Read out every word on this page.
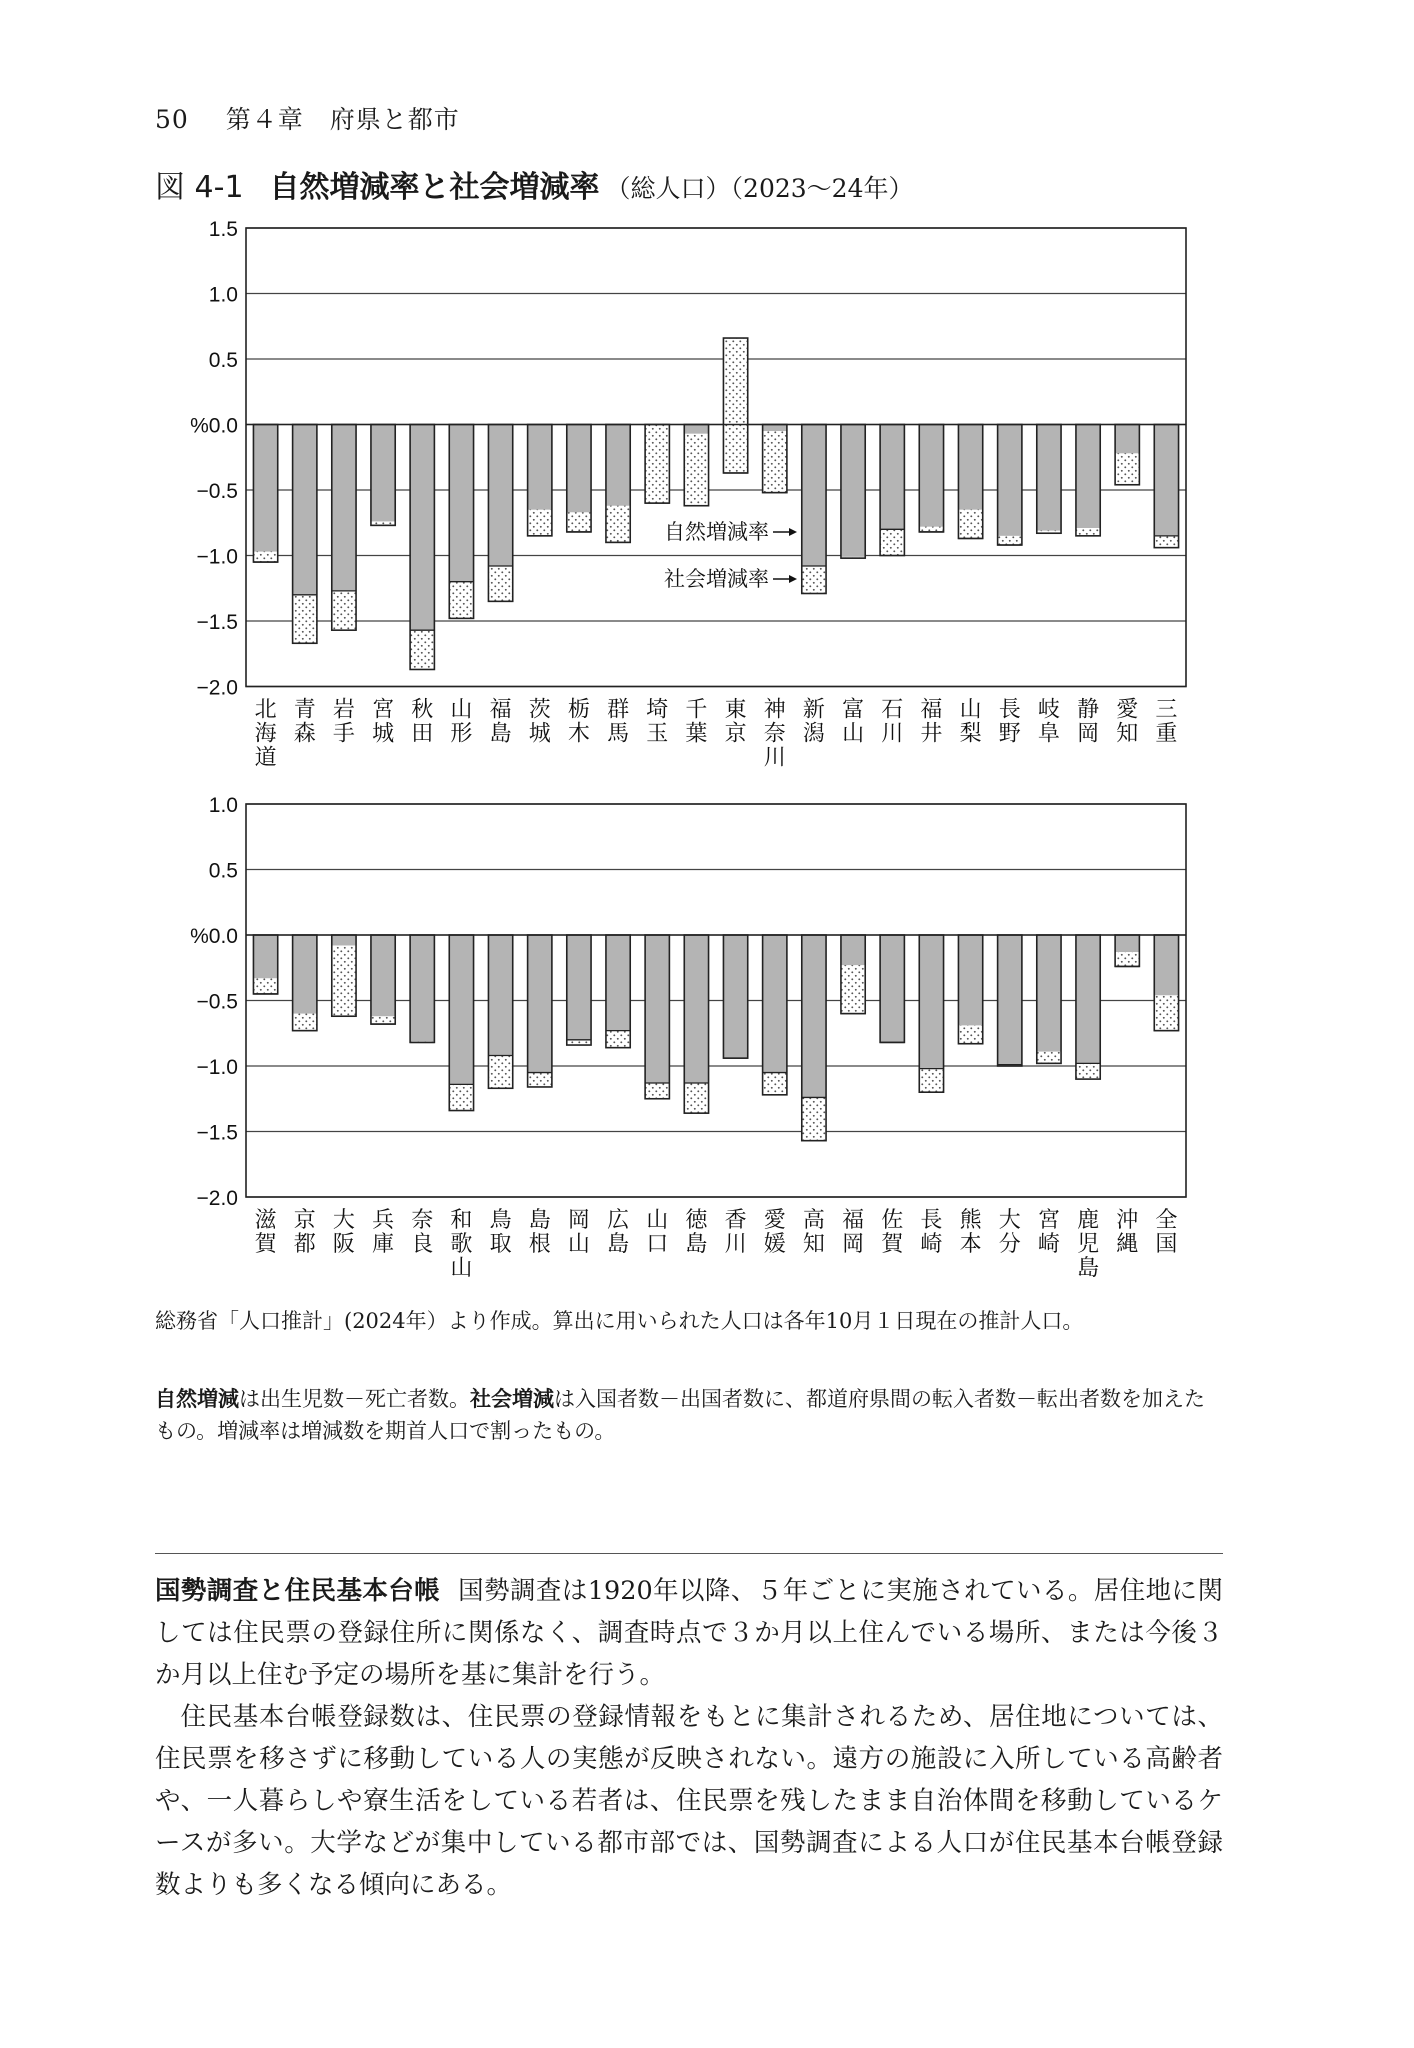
50 第４章　府県と都市
図 4-1 自然増減率と社会増減率 （総人口）（2023〜24年）
1.5
1.0
0.5
%0.0
−0.5
−1.0
−1.5
−2.0
北
海
道
青
森
岩
手
宮
城
秋
田
山
形
福
島
茨
城
栃
木
群
馬
埼
玉
千
葉
東
京
神
奈
川
新
潟
富
山
石
川
福
井
山
梨
長
野
岐
阜
静
岡
愛
知
三
重
自然増減率
社会増減率
1.0
0.5
%0.0
−0.5
−1.0
−1.5
−2.0
滋
賀
京
都
大
阪
兵
庫
奈
良
和
歌
山
鳥
取
島
根
岡
山
広
島
山
口
徳
島
香
川
愛
媛
高
知
福
岡
佐
賀
長
崎
熊
本
大
分
宮
崎
鹿
児
島
沖
縄
全
国

総務省「人口推計」(2024年）より作成。算出に用いられた人口は各年10月１日現在の推計人口。

自然増減は出生児数－死亡者数。社会増減は入国者数－出国者数に、都道府県間の転入者数－転出者数を加えたもの。増減率は増減数を期首人口で割ったもの。

国勢調査と住民基本台帳 国勢調査は1920年以降、５年ごとに実施されている。居住地に関しては住民票の登録住所に関係なく、調査時点で３か月以上住んでいる場所、または今後３か月以上住む予定の場所を基に集計を行う。

住民基本台帳登録数は、住民票の登録情報をもとに集計されるため、居住地については、住民票を移さずに移動している人の実態が反映されない。遠方の施設に入所している高齢者や、一人暮らしや寮生活をしている若者は、住民票を残したまま自治体間を移動しているケースが多い。大学などが集中している都市部では、国勢調査による人口が住民基本台帳登録数よりも多くなる傾向にある。
